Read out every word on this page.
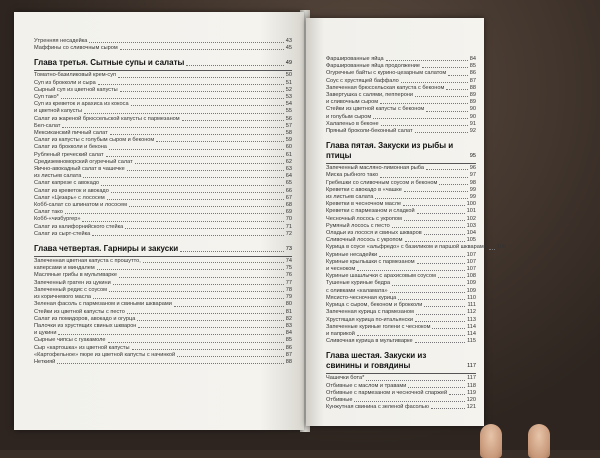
Утренняя несадейка	43
Маффины со сливочным сыром	45
Глава третья. Сытные супы и салаты	49
Томатно-базиликовый крем-суп	50
Суп из брокколи и сыра	51
Сырный суп из цветной капусты	52
Суп тако*	53
Суп из креветок и арахиса из кокоса	54
и цветной капусты	55
Салат из жареной брюссельской капусты с пармезаном	56
Бел-салат	57
Мексиканский пичный салат	58
Салат из капусты с голубым сыром и беконом	59
Салат из брокколи и бекона	60
Рубленый греческий салат	61
Средиземноморский огуречный салат	62
Яично-авокадный салат в чашечке	63
из листьев салата	64
Салат капрезе с авокадо	65
Салат из креветок и авокадо	66
Салат «Цезарь» с лососем	67
Кобб-салат со шпинатом и лососем	68
Салат тако	69
Кобб-«чизбургер»	70
Салат из калифорнийского стейка	71
Салат из сырт-стейка	72
Глава четвертая. Гарниры и закуски	73
Запеченная цветная капуста с прошутто,	74
каперсами и миндалем	75
Масляные грибы в мультиварке	76
Запеченный гратен из цукини	77
Запеченный редис с соусом	78
из коричневого масла	79
Зеленая фасоль с пармезаном и свиными шкварами	80
Стейки из цветной капусты с песто	81
Салат из помидоров, авокадо и огурца	82
Палочки из хрустящих свиных шкварон	83
и цукини	84
Сырные чипсы с гуакамоле	85
Сыр «картошка» из цветной капусты	86
«Картофельное» пюре из цветной капусты с начинкой	87
Неткияй	88
Фаршированные яйца	84
Фаршированные яйца продолжение	85
Огуречные байты с курино-цезарным салатом	86
Соус с хрустящей баффало	87
Запеченная брюссельская капуста с беконом	88
Завертушка с салями, пепперони	89
и сливочным сыром	89
Стейки из цветной капусты с беконом	90
и голубым сыром	90
Халапеньо в беконе	91
Пряный броколи-беконный салат	92
Глава пятая. Закуски из рыбы и птицы	95
Запеченный масляно-лимонная рыба	96
Миска рыбного тако	97
Гребешки со сливочным соусом и беконом	98
Креветки с авокадо в «чашке	99
из листьев салата	99
Креветки в чесночном масле	100
Креветки с пармезаном и сладкой	101
Чесночный лосось с укропом	102
Румяный лосось с песто	103
Оладьи из лосося и свиных шкваров	104
Сливочный лосось с укропом	105
Курица в соусе «альфредо» с базиликом и паршой шкварами 106
Куриные несадейки	107
Куриные крылышки с пармезаном	107
и чесноком	107
Куриные шашлычки с арахисовым соусом	108
Тушеные куриные бедра	109
с оливками «каламата»	109
Мясисто-чесночная курица	110
Курица с сыром, беконом и брокколи	111
Запеченная курица с пармезаном	112
Хрустящая курица по-итальянски	113
Запеченные куриные голени с чесноком	114
и паприкой	114
Сливочная курица в мультиварке	115
Глава шестая. Закуски из свинины и говядины	117
Чашечки бота*	117
Отбивные с маслом и травами	118
Отбивные с пармезаном и чесночной спаржей	119
Отбивные	120
Кунжутная свинина с зеленой фасолью	121
